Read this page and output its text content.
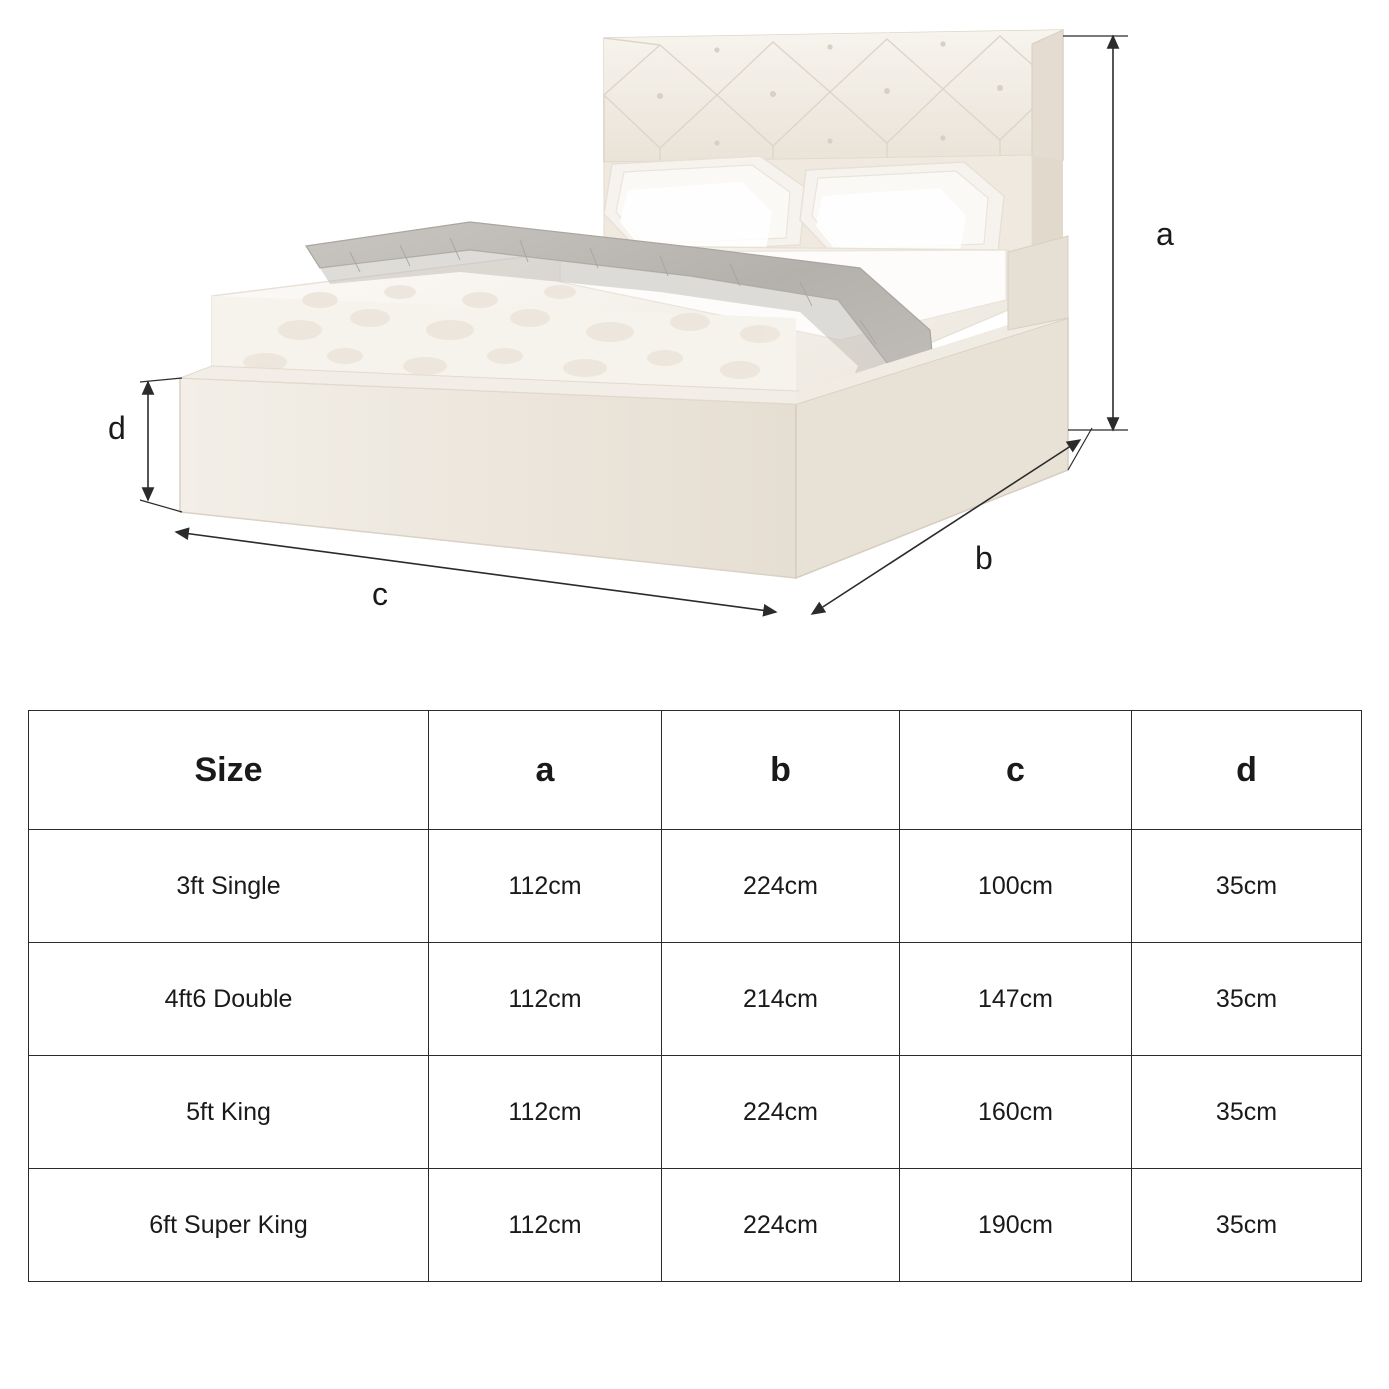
a
b
c
d
Size	a	b	c	d
3ft Single	112cm	224cm	100cm	35cm
4ft6 Double	112cm	214cm	147cm	35cm
5ft King	112cm	224cm	160cm	35cm
6ft Super King	112cm	224cm	190cm	35cm
